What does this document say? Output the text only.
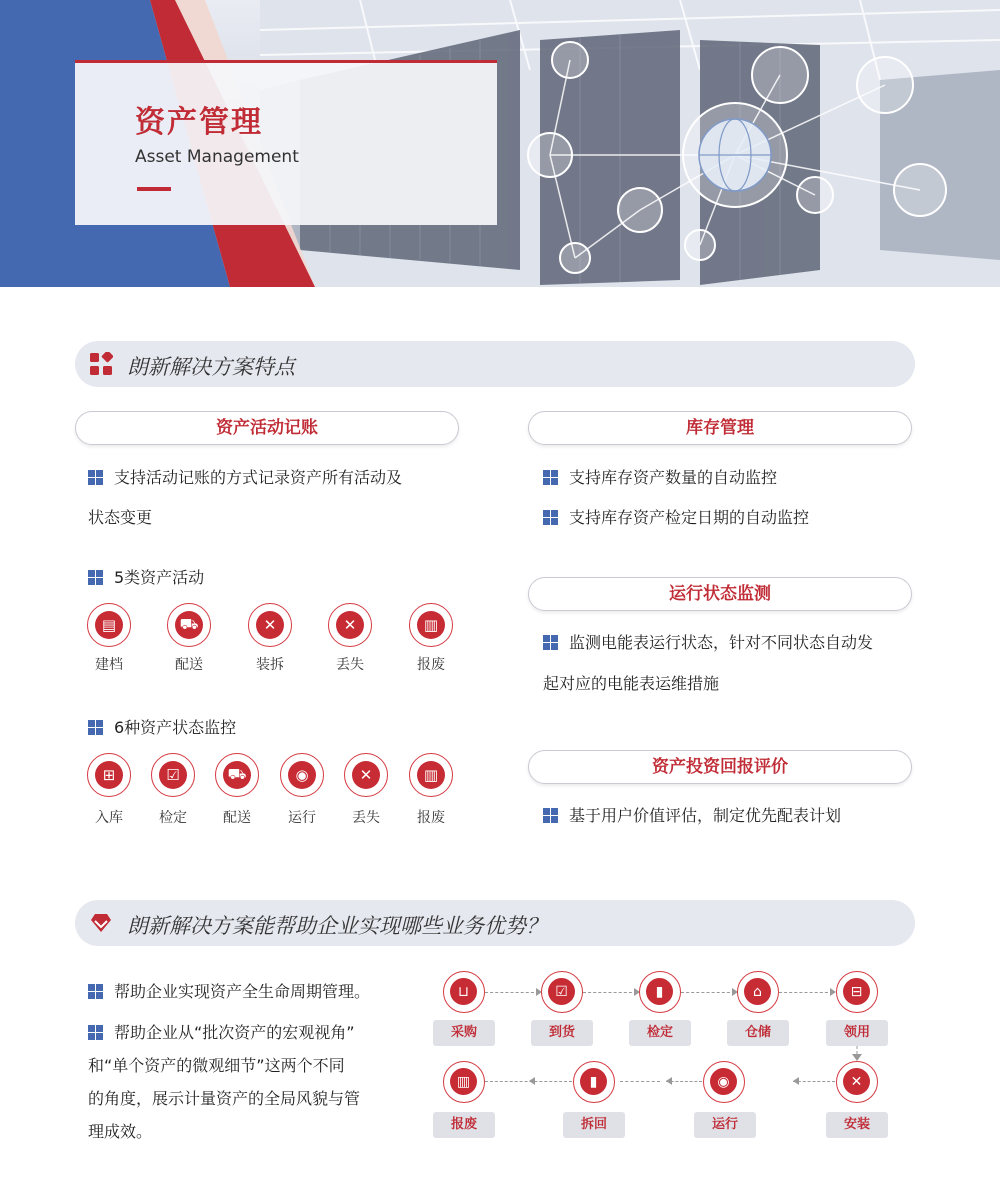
资产管理
Asset Management
朗新解决方案特点
资产活动记账
支持活动记账的方式记录资产所有活动及
状态变更
5类资产活动
▤
建档
⛟
配送
✕
装拆
✕
丢失
▥
报废
6种资产状态监控
⊞
入库
☑
检定
⛟
配送
◉
运行
✕
丢失
▥
报废
库存管理
支持库存资产数量的自动监控
支持库存资产检定日期的自动监控
运行状态监测
监测电能表运行状态，针对不同状态自动发
起对应的电能表运维措施
资产投资回报评价
基于用户价值评估，制定优先配表计划
朗新解决方案能帮助企业实现哪些业务优势？
帮助企业实现资产全生命周期管理。
帮助企业从“批次资产的宏观视角”
和“单个资产的微观细节”这两个不同
的角度，展示计量资产的全局风貌与管
理成效。
⊔
采购
☑
到货
▮
检定
⌂
仓储
⊟
领用
▥
报废
▮
拆回
◉
运行
✕
安装
